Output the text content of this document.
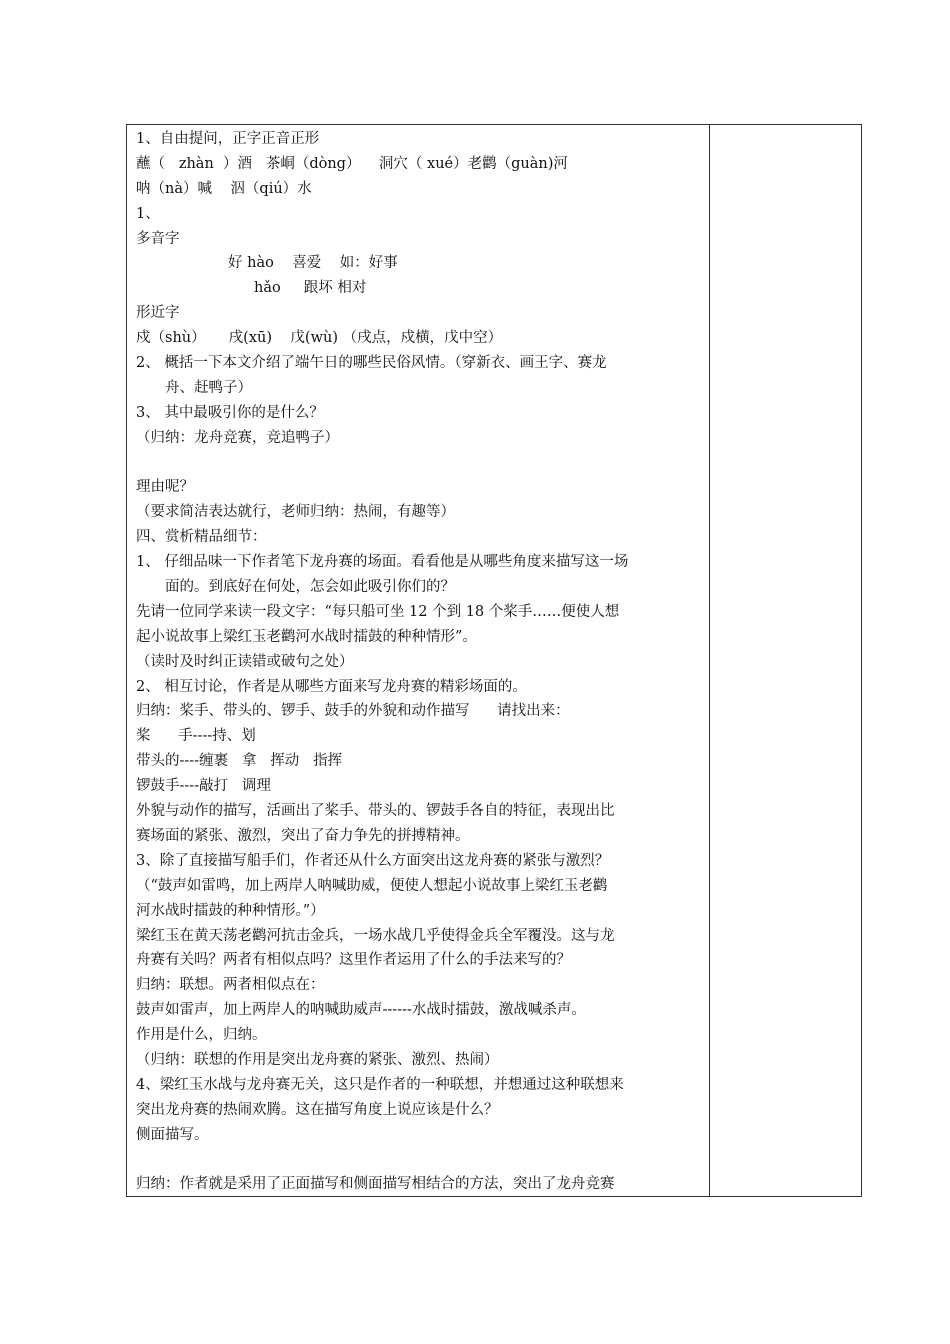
1、自由提问，正字正音正形
蘸（   zhàn  ）酒   茶峒（dòng）    洞穴（ xué）老鹳（guàn)河
呐（nà）喊    泅（qiú）水
1、
多音字
好 hào    喜爱    如：好事
hǎo     跟坏 相对
形近字
戍（shù）     戌(xū)    戊(wù) （戌点，戍横，戊中空）
2、 概括一下本文介绍了端午日的哪些民俗风情。（穿新衣、画王字、赛龙
舟、赶鸭子）
3、 其中最吸引你的是什么？
（归纳：龙舟竞赛，竞追鸭子）
理由呢？
（要求简洁表达就行，老师归纳：热闹，有趣等）
四、赏析精品细节：
1、 仔细品味一下作者笔下龙舟赛的场面。看看他是从哪些角度来描写这一场
面的。到底好在何处，怎会如此吸引你们的？
先请一位同学来读一段文字：“每只船可坐 12 个到 18 个桨手……便使人想
起小说故事上梁红玉老鹳河水战时擂鼓的种种情形”。
（读时及时纠正读错或破句之处）
2、 相互讨论，作者是从哪些方面来写龙舟赛的精彩场面的。
归纳：桨手、带头的、锣手、鼓手的外貌和动作描写      请找出来：
桨      手----持、划
带头的----缠裹   拿   挥动   指挥
锣鼓手----敲打   调理
外貌与动作的描写，活画出了桨手、带头的、锣鼓手各自的特征，表现出比
赛场面的紧张、激烈，突出了奋力争先的拼搏精神。
3、除了直接描写船手们，作者还从什么方面突出这龙舟赛的紧张与激烈？
（“鼓声如雷鸣，加上两岸人呐喊助威，便使人想起小说故事上梁红玉老鹳
河水战时擂鼓的种种情形。”）
梁红玉在黄天荡老鹳河抗击金兵，一场水战几乎使得金兵全军覆没。这与龙
舟赛有关吗？两者有相似点吗？这里作者运用了什么的手法来写的？
归纳：联想。两者相似点在：
鼓声如雷声，加上两岸人的呐喊助威声------水战时擂鼓，激战喊杀声。
作用是什么，归纳。
（归纳：联想的作用是突出龙舟赛的紧张、激烈、热闹）
4、梁红玉水战与龙舟赛无关，这只是作者的一种联想，并想通过这种联想来
突出龙舟赛的热闹欢腾。这在描写角度上说应该是什么？
侧面描写。
归纳：作者就是采用了正面描写和侧面描写相结合的方法，突出了龙舟竞赛
